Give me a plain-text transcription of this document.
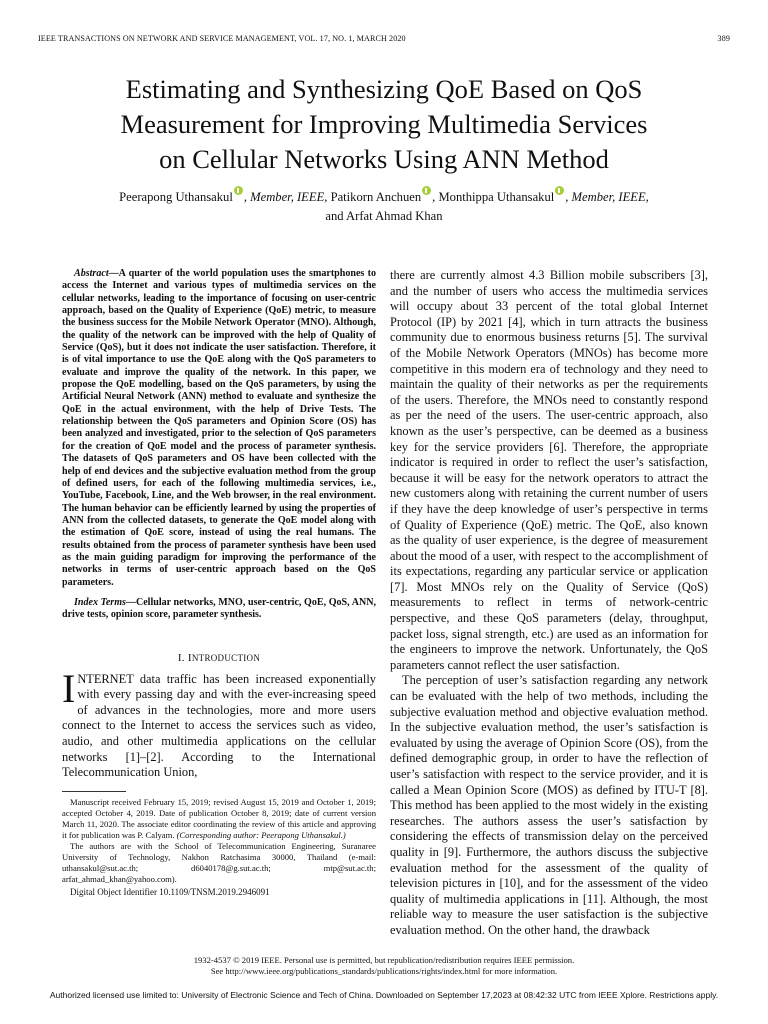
IEEE TRANSACTIONS ON NETWORK AND SERVICE MANAGEMENT, VOL. 17, NO. 1, MARCH 2020	389
Estimating and Synthesizing QoE Based on QoS
Measurement for Improving Multimedia Services
on Cellular Networks Using ANN Method
Peerapong Uthansakul , Member, IEEE, Patikorn Anchuen , Monthippa Uthansakul , Member, IEEE,
and Arfat Ahmad Khan

Abstract—A quarter of the world population uses the smartphones to access the Internet and various types of multimedia services on the cellular networks, leading to the importance of focusing on user-centric approach, based on the Quality of Experience (QoE) metric, to measure the business success for the Mobile Network Operator (MNO). Although, the quality of the network can be improved with the help of Quality of Service (QoS), but it does not indicate the user satisfaction. Therefore, it is of vital importance to use the QoE along with the QoS parameters to evaluate and improve the quality of the network. In this paper, we propose the QoE modelling, based on the QoS parameters, by using the Artificial Neural Network (ANN) method to evaluate and synthesize the QoE in the actual environment, with the help of Drive Tests. The relationship between the QoS parameters and Opinion Score (OS) has been analyzed and investigated, prior to the selection of QoS parameters for the creation of QoE model and the process of parameter synthesis. The datasets of QoS parameters and OS have been collected with the help of end devices and the subjective evaluation method from the group of defined users, for each of the following multimedia services, i.e., YouTube, Facebook, Line, and the Web browser, in the real environment. The human behavior can be efficiently learned by using the properties of ANN from the collected datasets, to generate the QoE model along with the estimation of QoE score, instead of using the real humans. The results obtained from the process of parameter synthesis have been used as the main guiding paradigm for improving the performance of the networks in terms of user-centric approach based on the QoS parameters.

Index Terms—Cellular networks, MNO, user-centric, QoE, QoS, ANN, drive tests, opinion score, parameter synthesis.

I. INTRODUCTION

INTERNET data traffic has been increased exponentially with every passing day and with the ever-increasing speed of advances in the technologies, more and more users connect to the Internet to access the services such as video, audio, and other multimedia applications on the cellular networks [1]–[2]. According to the International Telecommunication Union,

Manuscript received February 15, 2019; revised August 15, 2019 and October 1, 2019; accepted October 4, 2019. Date of publication October 8, 2019; date of current version March 11, 2020. The associate editor coordinating the review of this article and approving it for publication was P. Calyam. (Corresponding author: Peerapong Uthansakul.)

The authors are with the School of Telecommunication Engineering, Suranaree University of Technology, Nakhon Ratchasima 30000, Thailand (e-mail: uthansakul@sut.ac.th; d6040178@g.sut.ac.th; mtp@sut.ac.th; arfat_ahmad_khan@yahoo.com).

Digital Object Identifier 10.1109/TNSM.2019.2946091

there are currently almost 4.3 Billion mobile subscribers [3], and the number of users who access the multimedia services will occupy about 33 percent of the total global Internet Protocol (IP) by 2021 [4], which in turn attracts the business community due to enormous business returns [5]. The survival of the Mobile Network Operators (MNOs) has become more competitive in this modern era of technology and they need to maintain the quality of their networks as per the requirements of the users. Therefore, the MNOs need to constantly respond as per the need of the users. The user-centric approach, also known as the user’s perspective, can be deemed as a business key for the service providers [6]. Therefore, the appropriate indicator is required in order to reflect the user’s satisfaction, because it will be easy for the network operators to attract the new customers along with retaining the current number of users if they have the deep knowledge of user’s perspective in terms of Quality of Experience (QoE) metric. The QoE, also known as the quality of user experience, is the degree of measurement about the mood of a user, with respect to the accomplishment of its expectations, regarding any particular service or application [7]. Most MNOs rely on the Quality of Service (QoS) measurements to reflect in terms of network-centric perspective, and these QoS parameters (delay, throughput, packet loss, signal strength, etc.) are used as an information for the engineers to improve the network. Unfortunately, the QoS parameters cannot reflect the user satisfaction.

The perception of user’s satisfaction regarding any network can be evaluated with the help of two methods, including the subjective evaluation method and objective evaluation method. In the subjective evaluation method, the user’s satisfaction is evaluated by using the average of Opinion Score (OS), from the defined demographic group, in order to have the reflection of user’s satisfaction with respect to the service provider, and it is called a Mean Opinion Score (MOS) as defined by ITU-T [8]. This method has been applied to the most widely in the existing researches. The authors assess the user’s satisfaction by considering the effects of transmission delay on the perceived quality in [9]. Furthermore, the authors discuss the subjective evaluation method for the assessment of the quality of television pictures in [10], and for the assessment of the video quality of multimedia applications in [11]. Although, the most reliable way to measure the user satisfaction is the subjective evaluation method. On the other hand, the drawback

1932-4537 © 2019 IEEE. Personal use is permitted, but republication/redistribution requires IEEE permission.
See http://www.ieee.org/publications_standards/publications/rights/index.html for more information.
Authorized licensed use limited to: University of Electronic Science and Tech of China. Downloaded on September 17,2023 at 08:42:32 UTC from IEEE Xplore. Restrictions apply.
